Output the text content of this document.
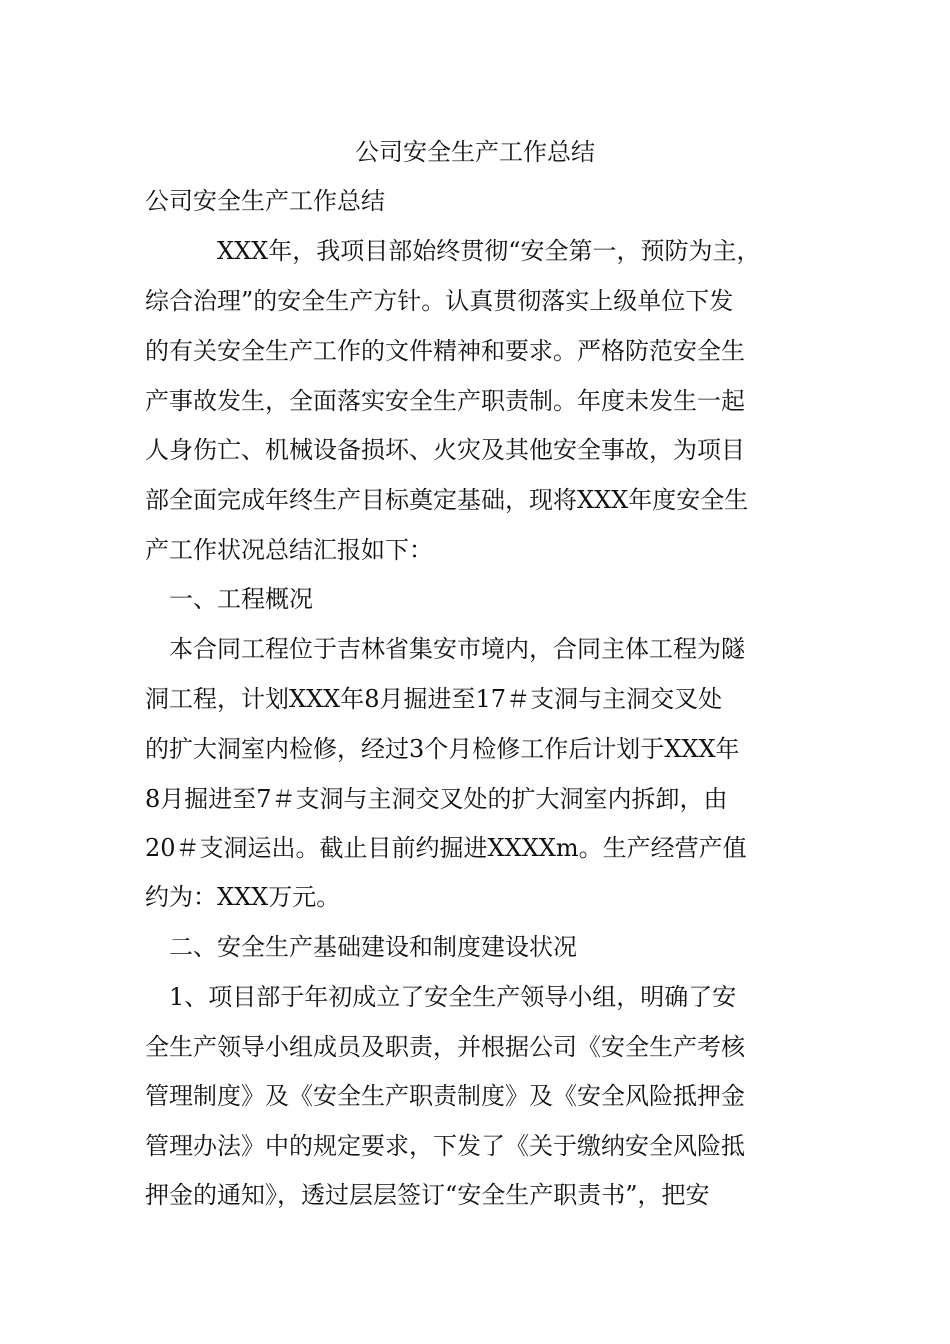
公司安全生产工作总结

公司安全生产工作总结

　　　XXX年，我项目部始终贯彻“安全第一，预防为主，

综合治理”的安全生产方针。认真贯彻落实上级单位下发

的有关安全生产工作的文件精神和要求。严格防范安全生

产事故发生，全面落实安全生产职责制。年度未发生一起

人身伤亡、机械设备损坏、火灾及其他安全事故，为项目

部全面完成年终生产目标奠定基础，现将XXX年度安全生

产工作状况总结汇报如下：

　一、工程概况

　本合同工程位于吉林省集安市境内，合同主体工程为隧

洞工程，计划XXX年8月掘进至17＃支洞与主洞交叉处

的扩大洞室内检修，经过3个月检修工作后计划于XXX年

8月掘进至7＃支洞与主洞交叉处的扩大洞室内拆卸，由

20＃支洞运出。截止目前约掘进XXXXm。生产经营产值

约为：XXX万元。

　二、安全生产基础建设和制度建设状况

　1、项目部于年初成立了安全生产领导小组，明确了安

全生产领导小组成员及职责，并根据公司《安全生产考核

管理制度》及《安全生产职责制度》及《安全风险抵押金

管理办法》中的规定要求，下发了《关于缴纳安全风险抵

押金的通知》，透过层层签订“安全生产职责书”，把安
